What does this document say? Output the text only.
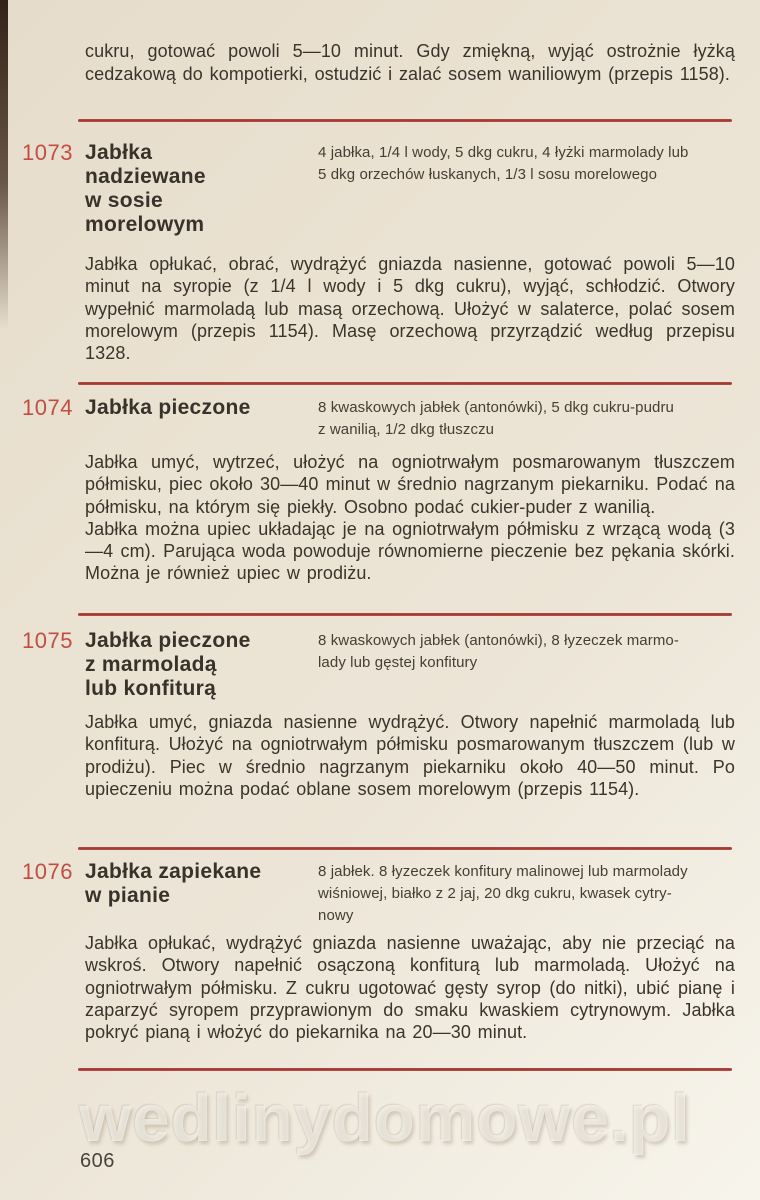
cukru, gotować powoli 5—10 minut. Gdy zmiękną, wyjąć ostrożnie łyżką cedzakową do kompotierki, ostudzić i zalać sosem waniliowym (przepis 1158).
1073 Jabłka
nadziewane
w sosie
morelowym
4 jabłka, 1/4 l wody, 5 dkg cukru, 4 łyżki marmolady lub
5 dkg orzechów łuskanych, 1/3 l sosu morelowego
Jabłka opłukać, obrać, wydrążyć gniazda nasienne, gotować powoli 5—10 minut na syropie (z 1/4 l wody i 5 dkg cukru), wyjąć, schłodzić. Otwory wypełnić marmoladą lub masą orzechową. Ułożyć w salaterce, polać sosem morelowym (przepis 1154). Masę orzechową przyrządzić według przepisu 1328.
1074 Jabłka pieczone	8 kwaskowych jabłek (antonówki), 5 dkg cukru-pudru
z wanilią, 1/2 dkg tłuszczu
Jabłka umyć, wytrzeć, ułożyć na ogniotrwałym posmarowanym tłuszczem półmisku, piec około 30—40 minut w średnio nagrzanym piekarniku. Podać na półmisku, na którym się piekły. Osobno podać cukier-puder z wanilią.
Jabłka można upiec układając je na ogniotrwałym półmisku z wrzącą wodą (3—4 cm). Parująca woda powoduje równomierne pieczenie bez pękania skórki. Można je również upiec w prodiżu.
1075 Jabłka pieczone
z marmoladą
lub konfiturą
8 kwaskowych jabłek (antonówki), 8 łyzeczek marmo-
lady lub gęstej konfitury
Jabłka umyć, gniazda nasienne wydrążyć. Otwory napełnić marmoladą lub konfiturą. Ułożyć na ogniotrwałym półmisku posmarowanym tłuszczem (lub w prodiżu). Piec w średnio nagrzanym piekarniku około 40—50 minut. Po upieczeniu można podać oblane sosem morelowym (przepis 1154).
1076 Jabłka zapiekane
w pianie
8 jabłek. 8 łyzeczek konfitury malinowej lub marmolady
wiśniowej, białko z 2 jaj, 20 dkg cukru, kwasek cytry-
nowy
Jabłka opłukać, wydrążyć gniazda nasienne uważając, aby nie przeciąć na wskroś. Otwory napełnić osączoną konfiturą lub marmoladą. Ułożyć na ogniotrwałym półmisku. Z cukru ugotować gęsty syrop (do nitki), ubić pianę i zaparzyć syropem przyprawionym do smaku kwaskiem cytrynowym. Jabłka pokryć pianą i włożyć do piekarnika na 20—30 minut.
wedlinydomowe.pl
606
